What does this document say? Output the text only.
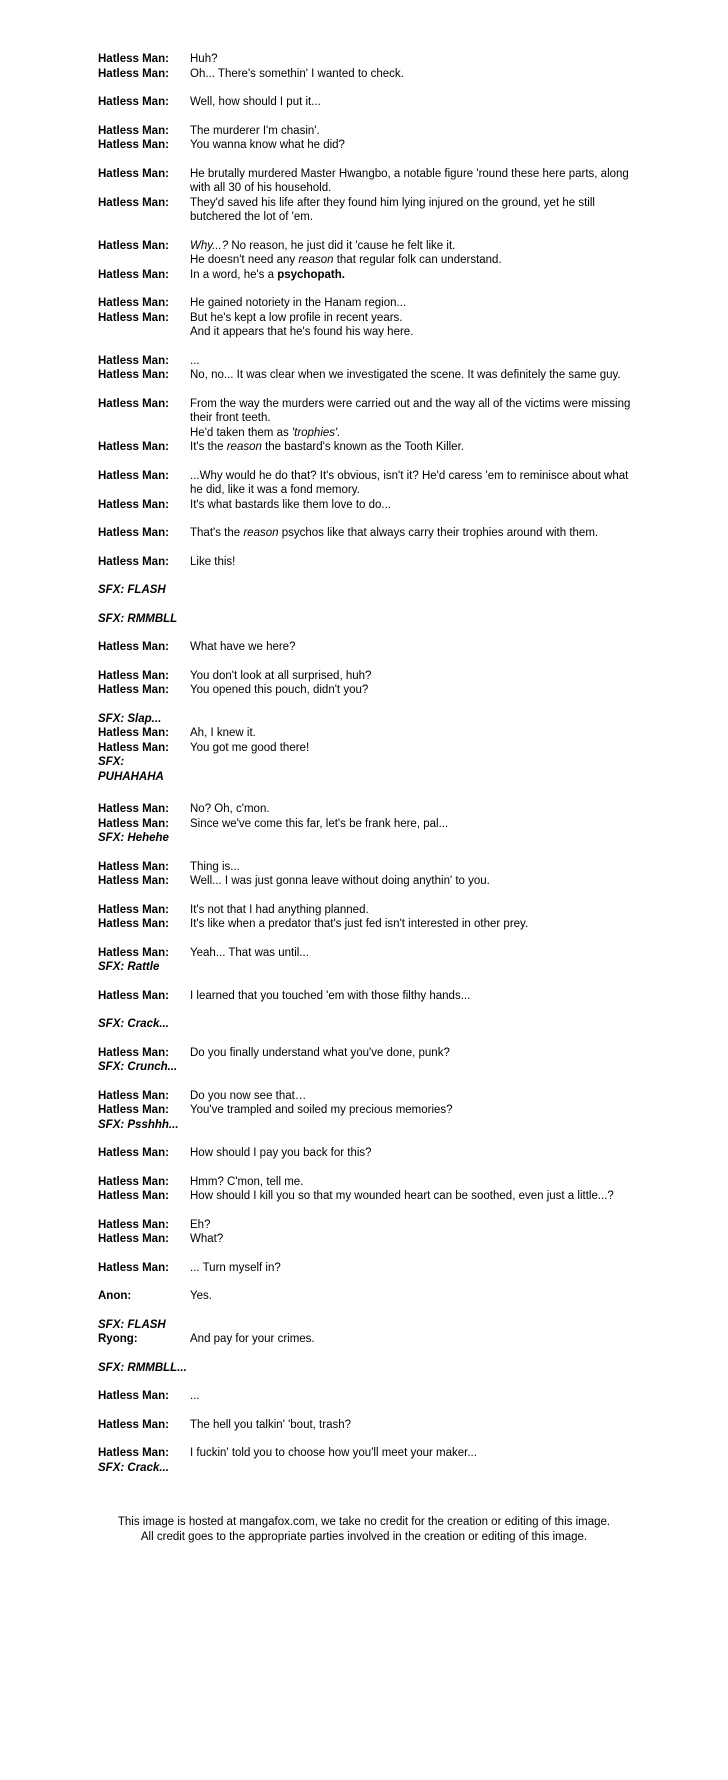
Hatless Man:	Huh?
Hatless Man:	Oh... There's somethin' I wanted to check.
Hatless Man:	Well, how should I put it...
Hatless Man:	The murderer I'm chasin'.
Hatless Man:	You wanna know what he did?
Hatless Man:	He brutally murdered Master Hwangbo, a notable figure 'round these here parts, along with all 30 of his household.
Hatless Man:	They'd saved his life after they found him lying injured on the ground, yet he still butchered the lot of 'em.
Hatless Man:	Why...? No reason, he just did it 'cause he felt like it.
He doesn't need any reason that regular folk can understand.
Hatless Man:	In a word, he's a psychopath.
Hatless Man:	He gained notoriety in the Hanam region...
Hatless Man:	But he's kept a low profile in recent years.
And it appears that he's found his way here.
Hatless Man:	...
Hatless Man:	No, no... It was clear when we investigated the scene. It was definitely the same guy.
Hatless Man:	From the way the murders were carried out and the way all of the victims were missing their front teeth.
He'd taken them as 'trophies'.
Hatless Man:	It's the reason the bastard's known as the Tooth Killer.
Hatless Man:	...Why would he do that? It's obvious, isn't it? He'd caress 'em to reminisce about what he did, like it was a fond memory.
Hatless Man:	It's what bastards like them love to do...
Hatless Man:	That's the reason psychos like that always carry their trophies around with them.
Hatless Man:	Like this!
SFX: FLASH
SFX: RMMBLL
Hatless Man:	What have we here?
Hatless Man:	You don't look at all surprised, huh?
Hatless Man:	You opened this pouch, didn't you?
SFX: Slap...
Hatless Man:	Ah, I knew it.
Hatless Man:	You got me good there!
SFX: PUHAHAHA
Hatless Man:	No? Oh, c'mon.
Hatless Man:	Since we've come this far, let's be frank here, pal...
SFX: Hehehe
Hatless Man:	Thing is...
Hatless Man:	Well... I was just gonna leave without doing anythin' to you.
Hatless Man:	It's not that I had anything planned.
Hatless Man:	It's like when a predator that's just fed isn't interested in other prey.
Hatless Man:	Yeah... That was until...
SFX: Rattle
Hatless Man:	I learned that you touched 'em with those filthy hands...
SFX: Crack...
Hatless Man:	Do you finally understand what you've done, punk?
SFX: Crunch...
Hatless Man:	Do you now see that…
Hatless Man:	You've trampled and soiled my precious memories?
SFX: Psshhh...
Hatless Man:	How should I pay you back for this?
Hatless Man:	Hmm? C'mon, tell me.
Hatless Man:	How should I kill you so that my wounded heart can be soothed, even just a little...?
Hatless Man:	Eh?
Hatless Man:	What?
Hatless Man:	... Turn myself in?
Anon:	Yes.
SFX: FLASH
Ryong:	And pay for your crimes.
SFX: RMMBLL...
Hatless Man:	...
Hatless Man:	The hell you talkin' 'bout, trash?
Hatless Man:	I fuckin' told you to choose how you'll meet your maker...
SFX: Crack...
This image is hosted at mangafox.com, we take no credit for the creation or editing of this image.
All credit goes to the appropriate parties involved in the creation or editing of this image.
